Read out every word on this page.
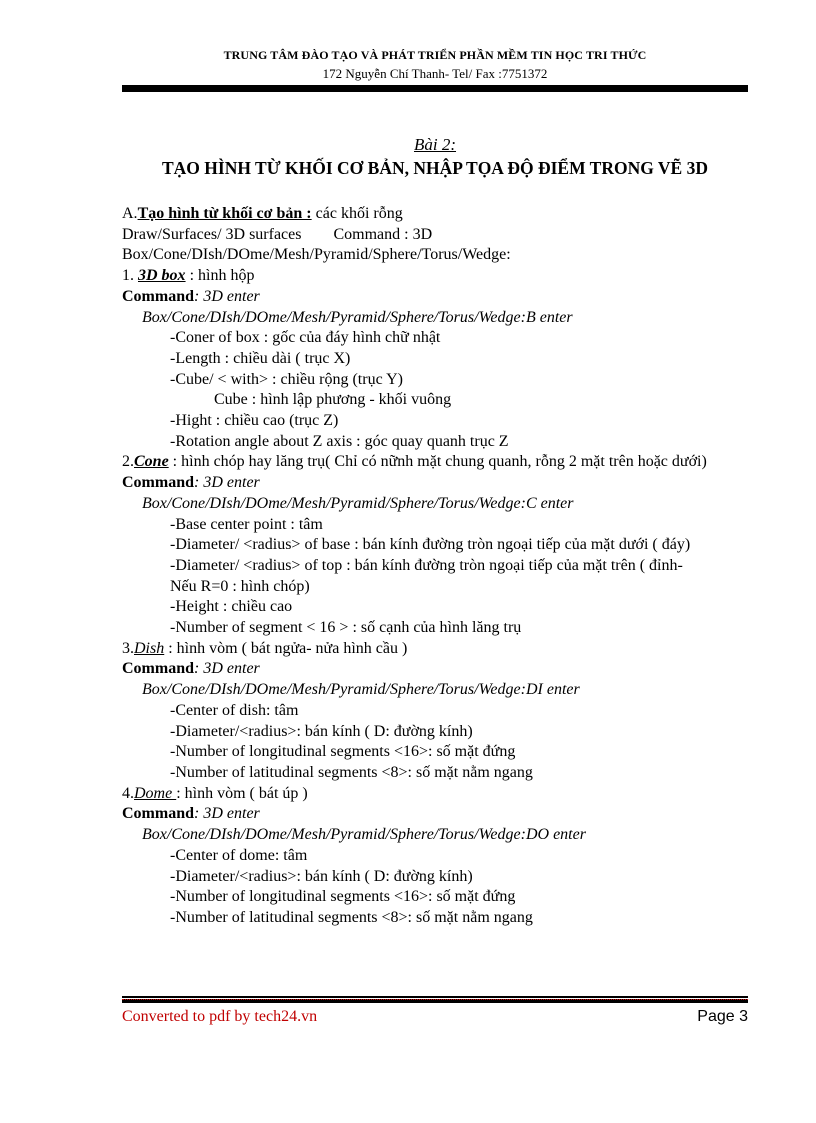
TRUNG TÂM ĐÀO TẠO VÀ PHÁT TRIỂN PHẦN MỀM TIN HỌC TRI THỨC
172 Nguyễn Chí Thanh- Tel/ Fax :7751372
Bài 2:
TẠO HÌNH TỪ KHỐI CƠ BẢN, NHẬP TỌA ĐỘ ĐIỂM TRONG VẼ 3D
A.Tạo hình từ khối cơ bản : các khối rỗng
Draw/Surfaces/ 3D surfaces Command : 3D
Box/Cone/DIsh/DOme/Mesh/Pyramid/Sphere/Torus/Wedge:
1. 3D box : hình hộp
Command: 3D enter
Box/Cone/DIsh/DOme/Mesh/Pyramid/Sphere/Torus/Wedge:B enter
-Coner of box : gốc của đáy hình chữ nhật
-Length : chiều dài ( trục X)
-Cube/ < with> : chiều rộng (trục Y)
Cube : hình lập phương - khối vuông
-Hight : chiều cao (trục Z)
-Rotation angle about Z axis : góc quay quanh trục Z
2.Cone : hình chóp hay lăng trụ( Chỉ có nữnh mặt chung quanh, rỗng 2 mặt trên hoặc dưới)
Command: 3D enter
Box/Cone/DIsh/DOme/Mesh/Pyramid/Sphere/Torus/Wedge:C enter
-Base center point : tâm
-Diameter/ <radius> of base : bán kính đường tròn ngoại tiếp của mặt dưới ( đáy)
-Diameter/ <radius> of top : bán kính đường tròn ngoại tiếp của mặt trên ( đỉnh-
Nếu R=0 : hình chóp)
-Height : chiều cao
-Number of segment < 16 > : số cạnh của hình lăng trụ
3.Dish : hình vòm ( bát ngửa- nửa hình cầu )
Command: 3D enter
Box/Cone/DIsh/DOme/Mesh/Pyramid/Sphere/Torus/Wedge:DI enter
-Center of dish: tâm
-Diameter/<radius>: bán kính ( D: đường kính)
-Number of longitudinal segments <16>: số mặt đứng
-Number of latitudinal segments <8>: số mặt nằm ngang
4.Dome : hình vòm ( bát úp )
Command: 3D enter
Box/Cone/DIsh/DOme/Mesh/Pyramid/Sphere/Torus/Wedge:DO enter
-Center of dome: tâm
-Diameter/<radius>: bán kính ( D: đường kính)
-Number of longitudinal segments <16>: số mặt đứng
-Number of latitudinal segments <8>: số mặt nằm ngang
Converted to pdf by tech24.vn	Page 3
